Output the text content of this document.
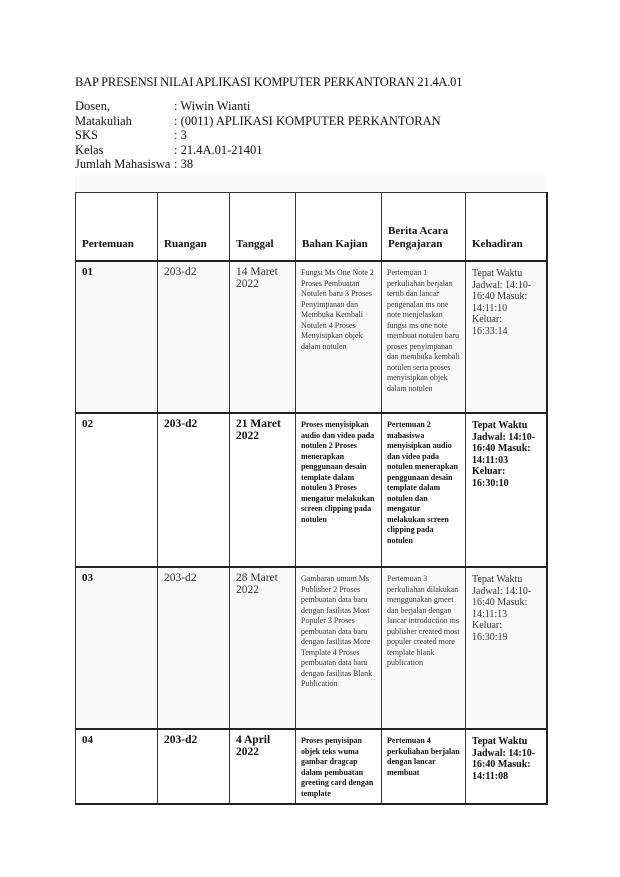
BAP PRESENSI NILAI APLIKASI KOMPUTER PERKANTORAN 21.4A.01
Dosen,	: Wiwin Wianti
Matakuliah	: (0011) APLIKASI KOMPUTER PERKANTORAN
SKS	: 3
Kelas	: 21.4A.01-21401
Jumlah Mahasiswa : 38
Pertemuan	Ruangan	Tanggal	Bahan Kajian	Berita Acara Pengajaran	Kehadiran
01	203-d2	14 Maret 2022	Fungsi Ms One Note 2 Proses Pembuatan Notulen baru 3 Proses Penyimpanan dan Membuka Kembali Notulen 4 Proses Menyisipkan objek dalam notulen	Pertemuan 1 perkuliahan berjalan tertib dan lancar pengenalan ms one note menjelaskan fungsi ms one note membuat notulen baru proses penyimpanan dan membuka kembali notulen serta proses menyisipkan objek dalam notulen	Tepat Waktu Jadwal: 14:10-16:40 Masuk: 14:11:10 Keluar: 16:33:14
02	203-d2	21 Maret 2022	Proses menyisipkan audio dan video pada notulen 2 Proses menerapkan penggunaan desain template dalam notulen 3 Proses mengatur melakukan screen clipping pada notulen	Pertemuan 2 mahasiswa menyisipkan audio dan video pada notulen menerapkan penggunaan desain template dalam notulen dan mengatur melakukan screen clipping pada notulen	Tepat Waktu Jadwal: 14:10-16:40 Masuk: 14:11:03 Keluar: 16:30:10
03	203-d2	28 Maret 2022	Gambaran umum Ms Publisher 2 Proses pembuatan data baru dengan fasilitas Most Populer 3 Proses pembuatan data baru dengan fasilitas More Template 4 Proses pembuatan data baru dengan fasilitas Blank Publication	Pertemuan 3 perkuliahan dilakukan menggunakan gmeet dan berjalan dengan lancar introduction ms publisher created most populer created more template blank publication	Tepat Waktu Jadwal: 14:10-16:40 Masuk: 14:11:13 Keluar: 16:30:19
04	203-d2	4 April 2022	Proses penyisipan objek teks wuma gambar dragcap dalam pembuatan greeting card dengan template	Pertemuan 4 perkuliahan berjalan dengan lancar membuat	Tepat Waktu Jadwal: 14:10-16:40 Masuk: 14:11:08
